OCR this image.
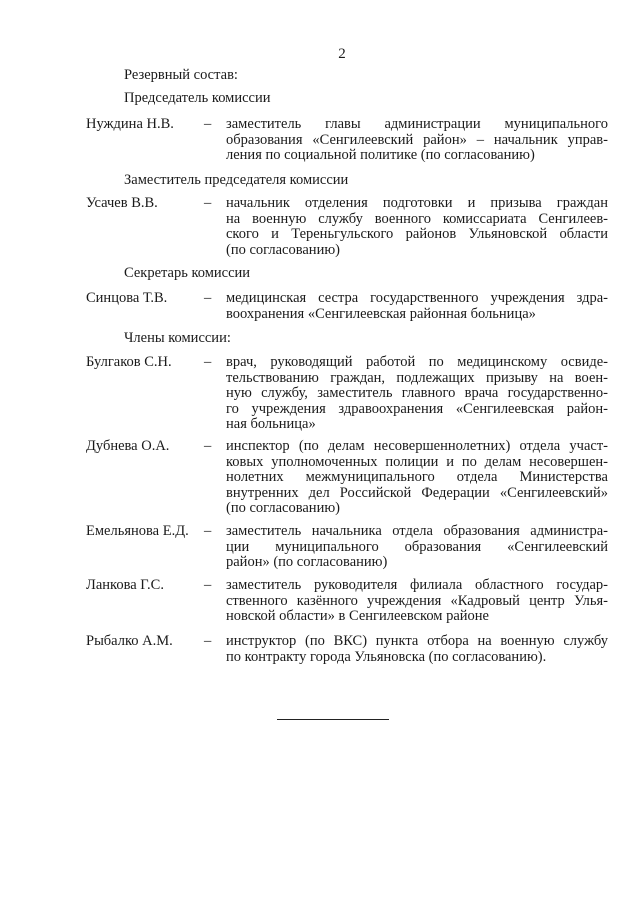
2
Резервный состав:
Председатель комиссии
Нуждина Н.В. – заместитель главы администрации муниципального
образования «Сенгилеевский район» – начальник управ-
ления по социальной политике (по согласованию)
Заместитель председателя комиссии
Усачев В.В.	– начальник отделения подготовки и призыва граждан
на военную службу военного комиссариата Сенгилеев-
ского и Тереньгульского районов Ульяновской области
(по согласованию)
Секретарь комиссии
Синцова Т.В.	– медицинская сестра государственного учреждения здра-
воохранения «Сенгилеевская районная больница»
Члены комиссии:
Булгаков С.Н. – врач, руководящий работой по медицинскому освиде-
тельствованию граждан, подлежащих призыву на воен-
ную службу, заместитель главного врача государственно-
го учреждения здравоохранения «Сенгилеевская район-
ная больница»
Дубнева О.А. – инспектор (по делам несовершеннолетних) отдела участ-
ковых уполномоченных полиции и по делам несовершен-
нолетних межмуниципального отдела Министерства
внутренних дел Российской Федерации «Сенгилеевский»
(по согласованию)
Емельянова Е.Д. – заместитель начальника отдела образования администра-
ции муниципального образования «Сенгилеевский
район» (по согласованию)
Ланкова Г.С.	– заместитель руководителя филиала областного государ-
ственного казённого учреждения «Кадровый центр Улья-
новской области» в Сенгилеевском районе
Рыбалко А.М. – инструктор (по ВКС) пункта отбора на военную службу
по контракту города Ульяновска (по согласованию).
